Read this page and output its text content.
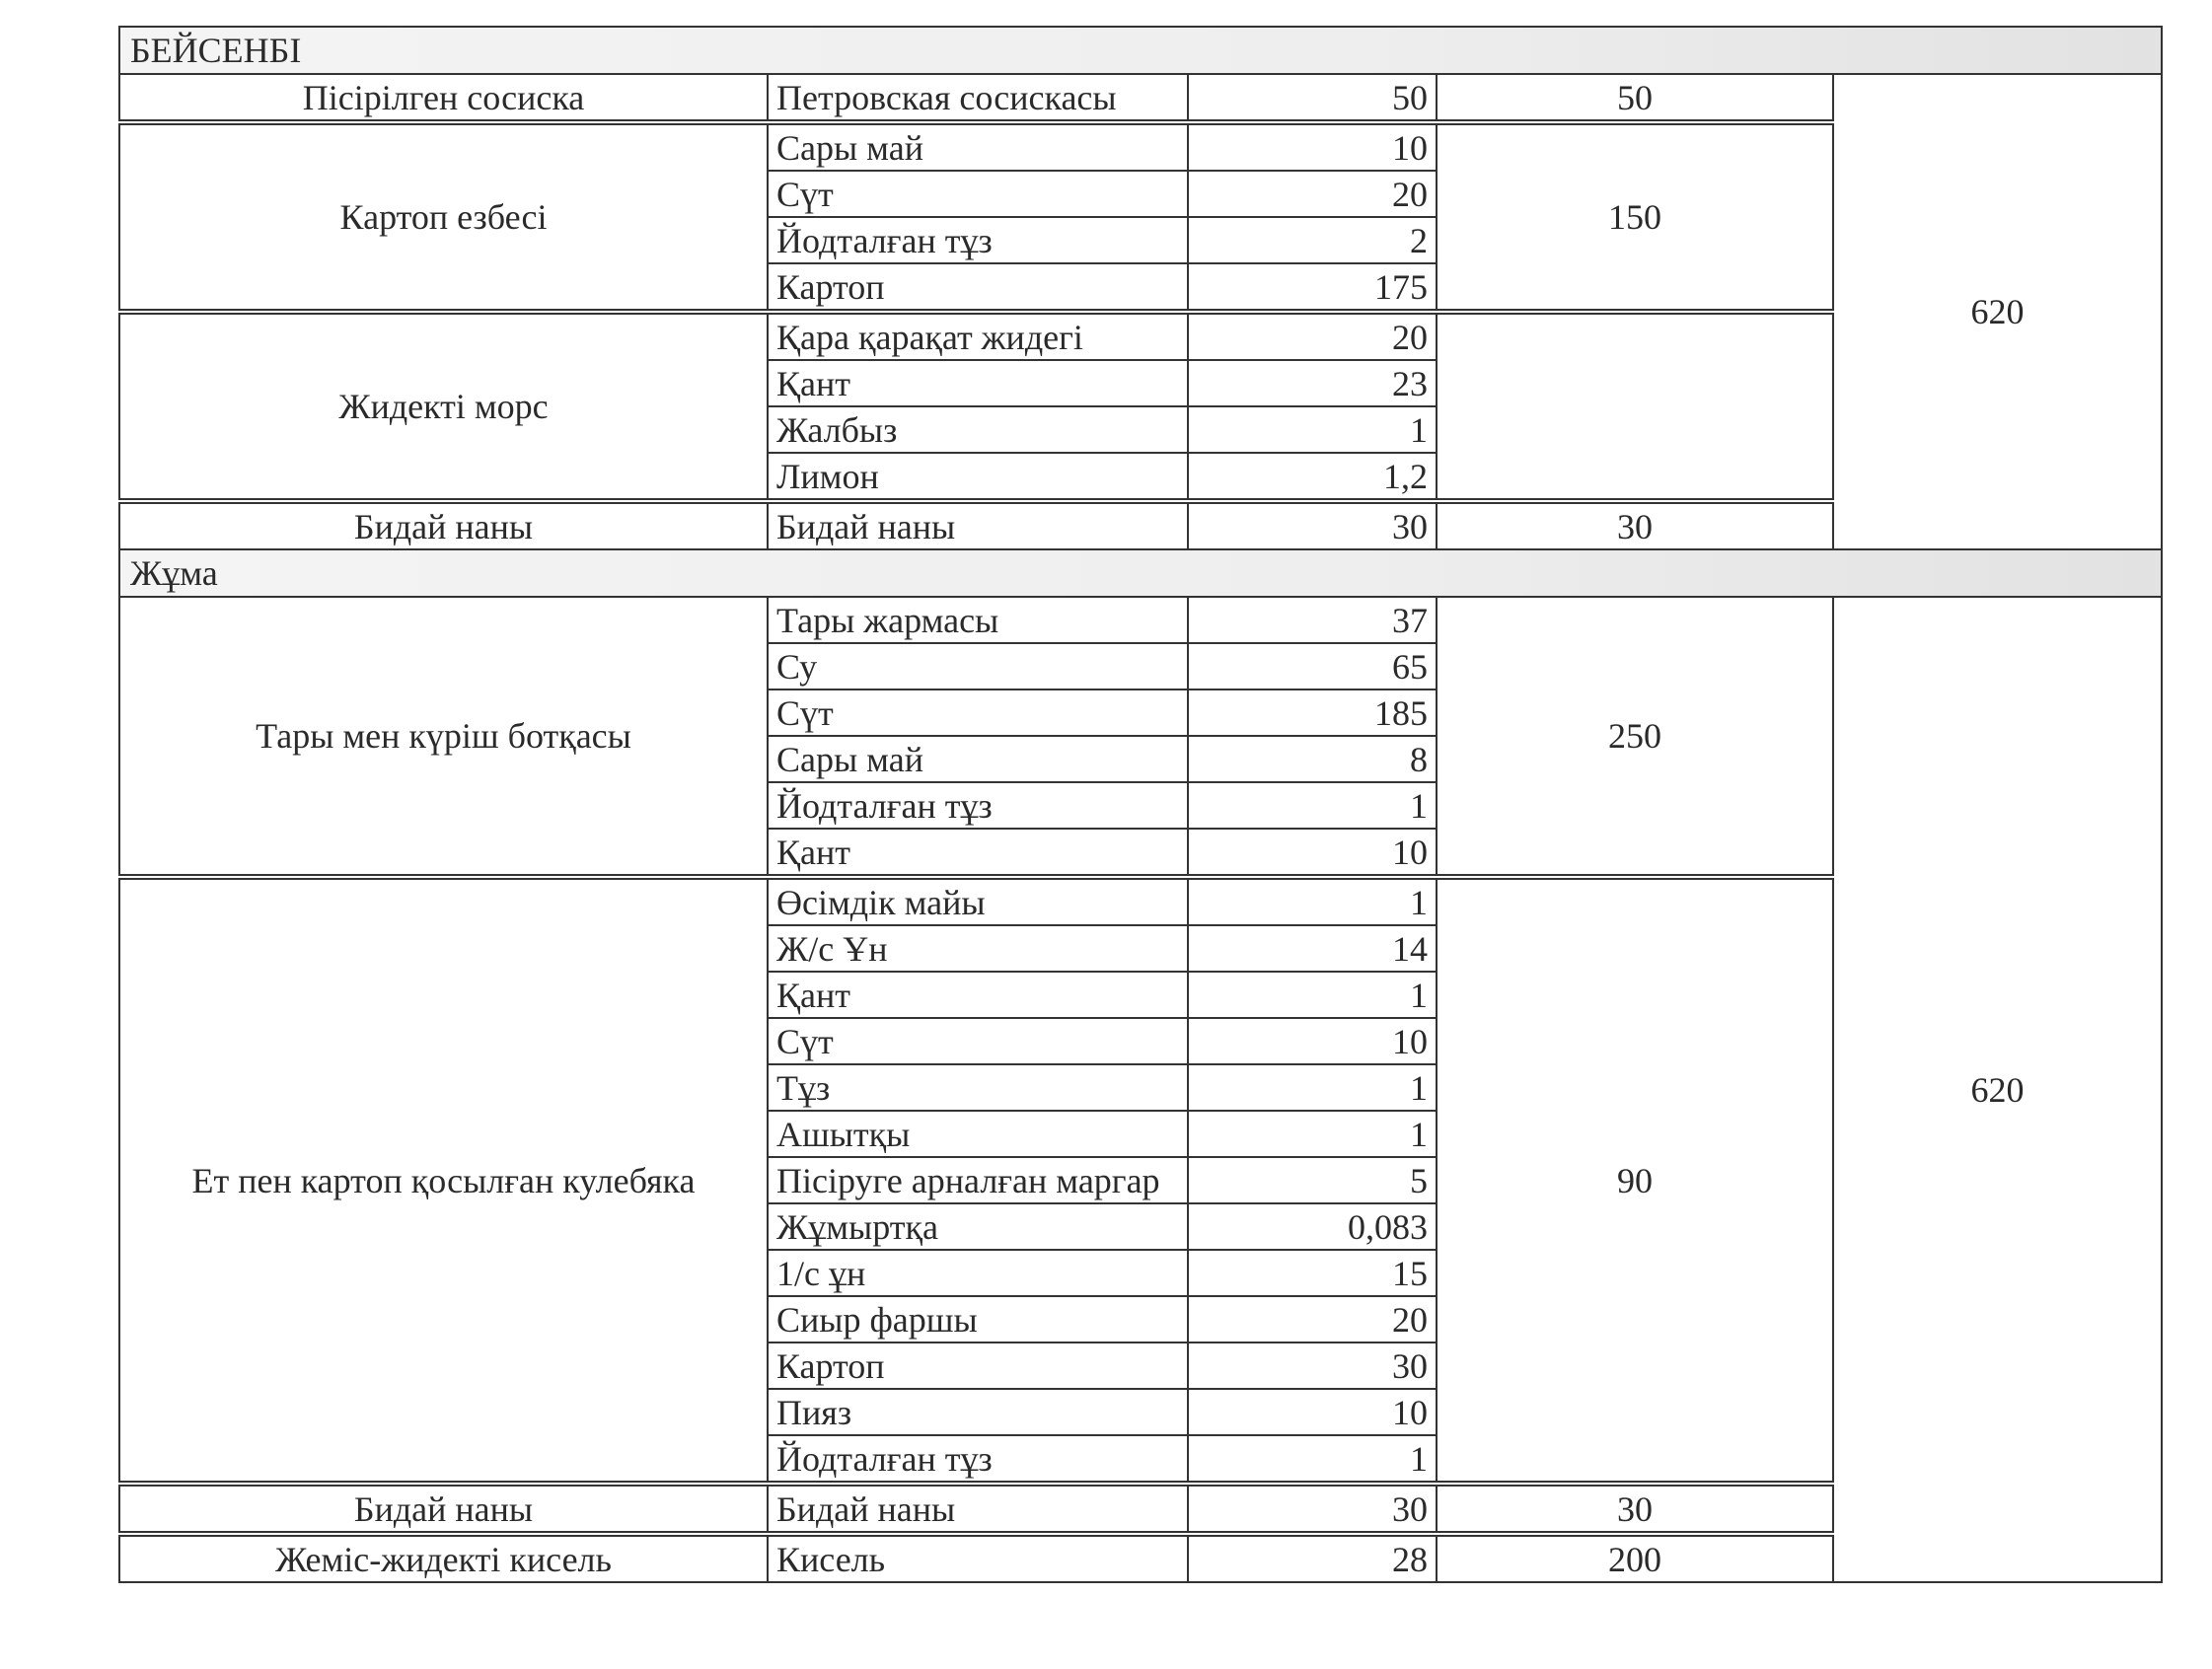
БЕЙСЕНБІ				
Пісірілген сосиска	Петровская сосискасы	50	50	620
Картоп езбесі	Сары май	10	150	
	Сүт	20		
	Йодталған тұз	2		
	Картоп	175		
Жидекті морс	Қара қарақат жидегі	20		
	Қант	23		
	Жалбыз	1		
	Лимон	1,2		
Бидай наны	Бидай наны	30	30	
Жұма				
Тары мен күріш ботқасы	Тары жармасы	37	250	620
	Су	65		
	Сүт	185		
	Сары май	8		
	Йодталған тұз	1		
	Қант	10		
Ет пен картоп қосылған кулебяка	Өсімдік майы	1	90	
	Ж/с Ұн	14		
	Қант	1		
	Сүт	10		
	Тұз	1		
	Ашытқы	1		
	Пісіруге арналған маргар	5		
	Жұмыртқа	0,083		
	1/с ұн	15		
	Сиыр фаршы	20		
	Картоп	30		
	Пияз	10		
	Йодталған тұз	1		
Бидай наны	Бидай наны	30	30	
Жеміс-жидекті кисель	Кисель	28	200	
